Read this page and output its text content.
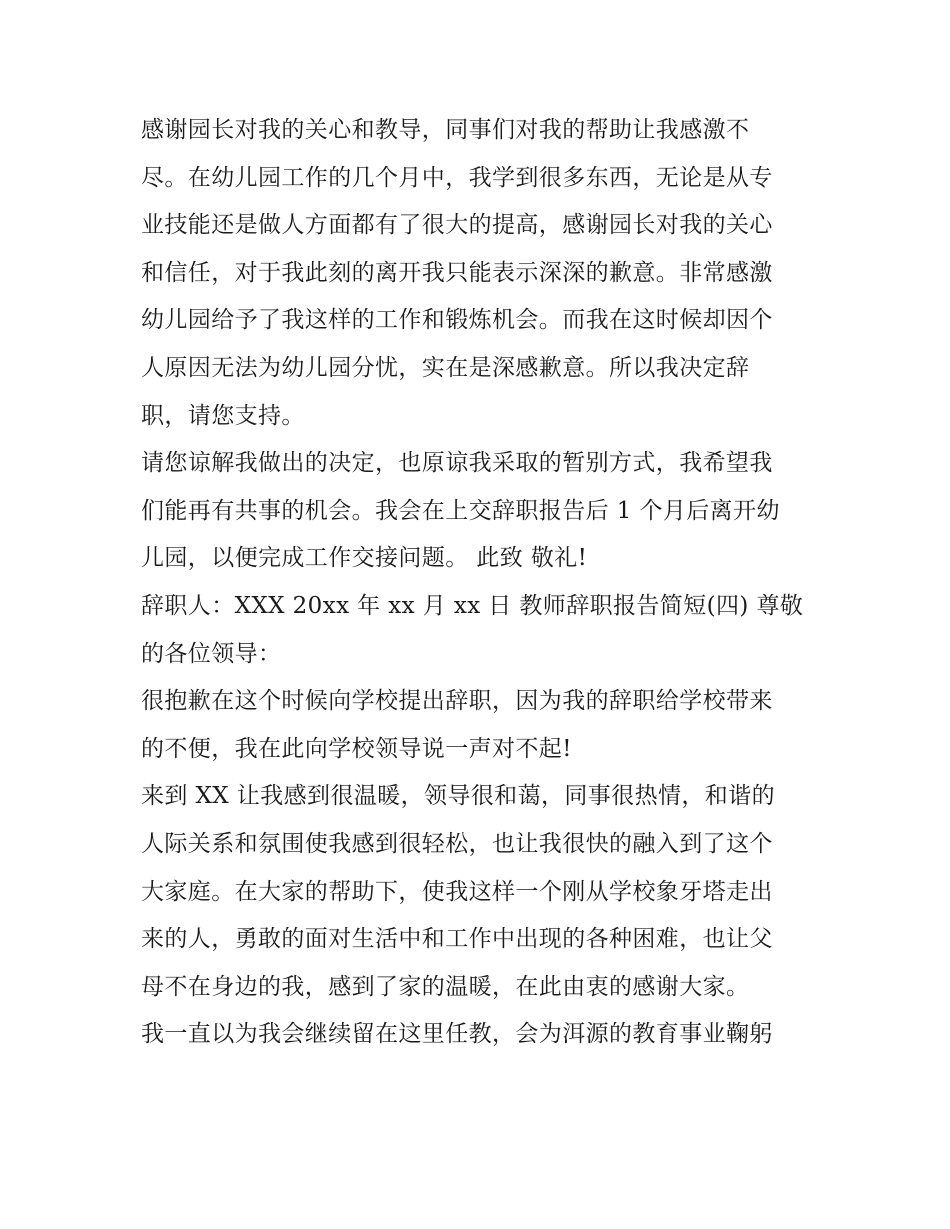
感谢园长对我的关心和教导，同事们对我的帮助让我感激不
尽。在幼儿园工作的几个月中，我学到很多东西，无论是从专
业技能还是做人方面都有了很大的提高，感谢园长对我的关心
和信任，对于我此刻的离开我只能表示深深的歉意。非常感激
幼儿园给予了我这样的工作和锻炼机会。而我在这时候却因个
人原因无法为幼儿园分忧，实在是深感歉意。所以我决定辞
职，请您支持。
请您谅解我做出的决定，也原谅我采取的暂别方式，我希望我
们能再有共事的机会。我会在上交辞职报告后 1 个月后离开幼
儿园，以便完成工作交接问题。 此致 敬礼!
辞职人：XXX 20xx 年 xx 月 xx 日 教师辞职报告简短(四) 尊敬
的各位领导：
很抱歉在这个时候向学校提出辞职，因为我的辞职给学校带来
的不便，我在此向学校领导说一声对不起!
来到 XX 让我感到很温暖，领导很和蔼，同事很热情，和谐的
人际关系和氛围使我感到很轻松，也让我很快的融入到了这个
大家庭。在大家的帮助下，使我这样一个刚从学校象牙塔走出
来的人，勇敢的面对生活中和工作中出现的各种困难，也让父
母不在身边的我，感到了家的温暖，在此由衷的感谢大家。
我一直以为我会继续留在这里任教，会为洱源的教育事业鞠躬
